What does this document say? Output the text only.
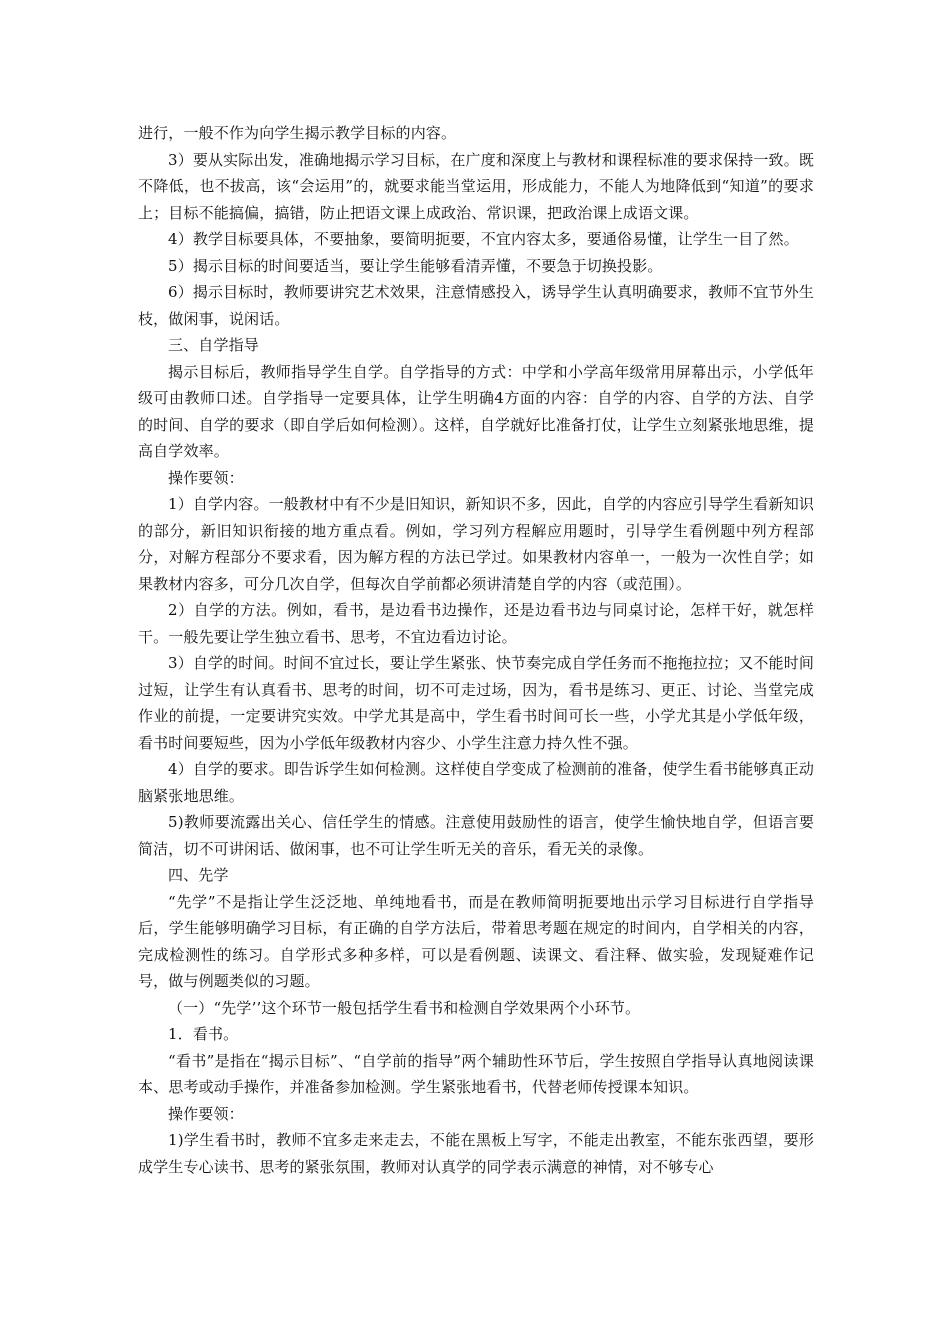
进行，一般不作为向学生揭示教学目标的内容。

3）要从实际出发，准确地揭示学习目标，在广度和深度上与教材和课程标准的要求保持一致。既不降低，也不拔高，该“会运用”的，就要求能当堂运用，形成能力，不能人为地降低到“知道”的要求上；目标不能搞偏，搞错，防止把语文课上成政治、常识课，把政治课上成语文课。

4）教学目标要具体，不要抽象，要简明扼要，不宜内容太多，要通俗易懂，让学生一目了然。

5）揭示目标的时间要适当，要让学生能够看清弄懂，不要急于切换投影。

6）揭示目标时，教师要讲究艺术效果，注意情感投入，诱导学生认真明确要求，教师不宜节外生枝，做闲事，说闲话。

三、自学指导

揭示目标后，教师指导学生自学。自学指导的方式：中学和小学高年级常用屏幕出示，小学低年级可由教师口述。自学指导一定要具体，让学生明确4方面的内容：自学的内容、自学的方法、自学的时间、自学的要求（即自学后如何检测）。这样，自学就好比准备打仗，让学生立刻紧张地思维，提高自学效率。

操作要领：

1）自学内容。一般教材中有不少是旧知识，新知识不多，因此，自学的内容应引导学生看新知识的部分，新旧知识衔接的地方重点看。例如，学习列方程解应用题时，引导学生看例题中列方程部分，对解方程部分不要求看，因为解方程的方法已学过。如果教材内容单一，一般为一次性自学；如果教材内容多，可分几次自学，但每次自学前都必须讲清楚自学的内容（或范围）。

2）自学的方法。例如，看书，是边看书边操作，还是边看书边与同桌讨论，怎样干好，就怎样干。一般先要让学生独立看书、思考，不宜边看边讨论。

3）自学的时间。时间不宜过长，要让学生紧张、快节奏完成自学任务而不拖拖拉拉；又不能时间过短，让学生有认真看书、思考的时间，切不可走过场，因为，看书是练习、更正、讨论、当堂完成作业的前提，一定要讲究实效。中学尤其是高中，学生看书时间可长一些，小学尤其是小学低年级，看书时间要短些，因为小学低年级教材内容少、小学生注意力持久性不强。

4）自学的要求。即告诉学生如何检测。这样使自学变成了检测前的准备，使学生看书能够真正动脑紧张地思维。

5)教师要流露出关心、信任学生的情感。注意使用鼓励性的语言，使学生愉快地自学，但语言要简洁，切不可讲闲话、做闲事，也不可让学生听无关的音乐，看无关的录像。

四、先学

“先学”不是指让学生泛泛地、单纯地看书，而是在教师简明扼要地出示学习目标进行自学指导后，学生能够明确学习目标，有正确的自学方法后，带着思考题在规定的时间内，自学相关的内容，完成检测性的练习。自学形式多种多样，可以是看例题、读课文、看注释、做实验，发现疑难作记号，做与例题类似的习题。

（一）“先学’’这个环节一般包括学生看书和检测自学效果两个小环节。

1．看书。

“看书”是指在“揭示目标”、“自学前的指导”两个辅助性环节后，学生按照自学指导认真地阅读课本、思考或动手操作，并准备参加检测。学生紧张地看书，代替老师传授课本知识。

操作要领：

1)学生看书时，教师不宜多走来走去，不能在黑板上写字，不能走出教室，不能东张西望，要形成学生专心读书、思考的紧张氛围，教师对认真学的同学表示满意的神情，对不够专心
